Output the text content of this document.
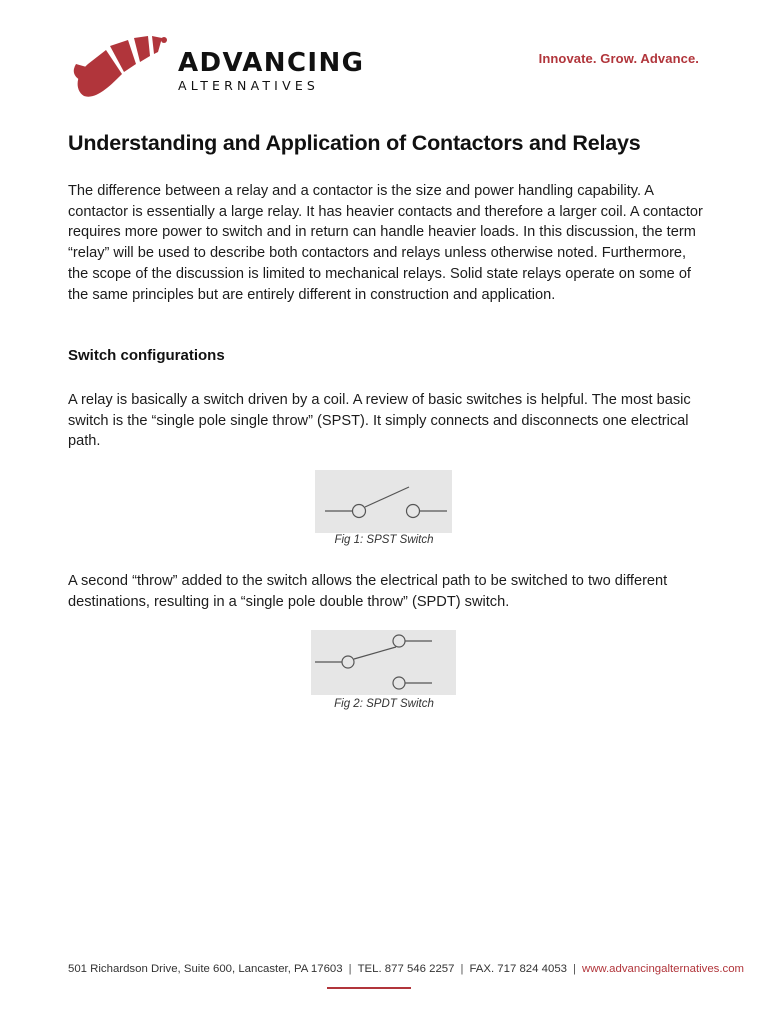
ADVANCING
ALTERNATIVES
Innovate. Grow. Advance.
Understanding and Application of Contactors and Relays

The difference between a relay and a contactor is the size and power handling capability. A contactor is essentially a large relay. It has heavier contacts and therefore a larger coil. A contactor requires more power to switch and in return can handle heavier loads. In this discussion, the term “relay” will be used to describe both contactors and relays unless otherwise noted. Furthermore, the scope of the discussion is limited to mechanical relays. Solid state relays operate on some of the same principles but are entirely different in construction and application.

Switch configurations

A relay is basically a switch driven by a coil. A review of basic switches is helpful. The most basic switch is the “single pole single throw” (SPST). It simply connects and disconnects one electrical path.

Fig 1: SPST Switch

A second “throw” added to the switch allows the electrical path to be switched to two different destinations, resulting in a “single pole double throw” (SPDT) switch.

Fig 2: SPDT Switch
501 Richardson Drive, Suite 600, Lancaster, PA 17603 | TEL. 877 546 2257 | FAX. 717 824 4053 | www.advancingalternatives.com
